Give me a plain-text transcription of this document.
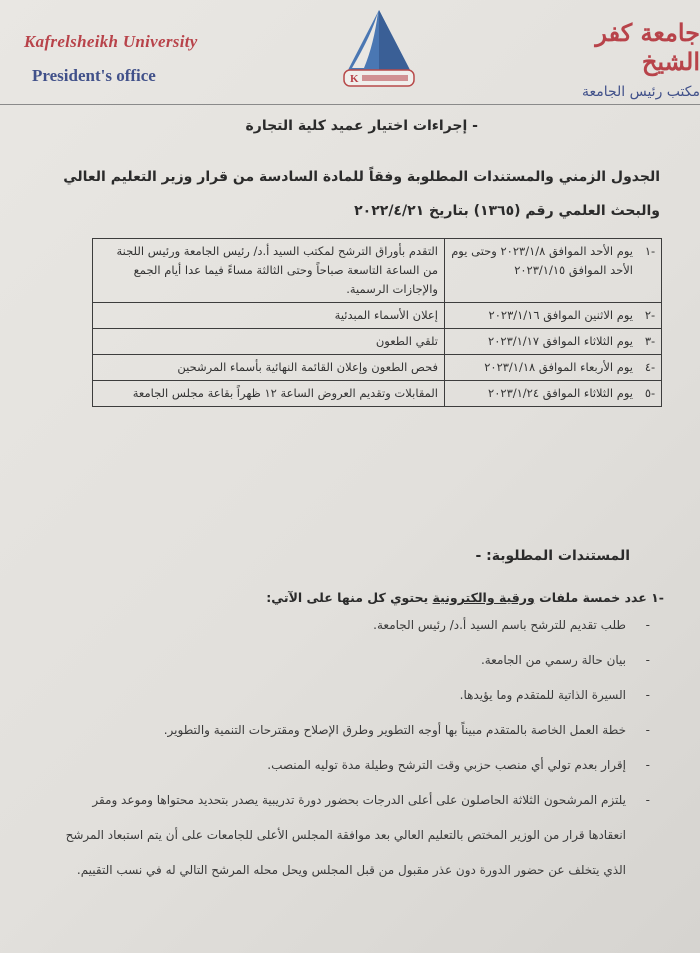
Kafrelsheikh University
President's office	K
جامعة كفر الشيخ
مكتب رئيس الجامعة
- إجراءات اختيار عميد كلية التجارة
الجدول الزمني والمستندات المطلوبة وفقاً للمادة السادسة من قرار وزير التعليم العالي والبحث العلمي رقم (١٣٦٥) بتاريخ ٢٠٢٢/٤/٢١
-١	يوم الأحد الموافق ٢٠٢٣/١/٨ وحتى يوم الأحد الموافق ٢٠٢٣/١/١٥	التقدم بأوراق الترشح لمكتب السيد أ.د/ رئيس الجامعة ورئيس اللجنة من الساعة التاسعة صباحاً وحتى الثالثة مساءً فيما عدا أيام الجمع والإجازات الرسمية.
-٢	يوم الاثنين الموافق ٢٠٢٣/١/١٦	إعلان الأسماء المبدئية
-٣	يوم الثلاثاء الموافق ٢٠٢٣/١/١٧	تلقي الطعون
-٤	يوم الأربعاء الموافق ٢٠٢٣/١/١٨	فحص الطعون وإعلان القائمة النهائية بأسماء المرشحين
-٥	يوم الثلاثاء الموافق ٢٠٢٣/١/٢٤	المقابلات وتقديم العروض الساعة ١٢ ظهراً بقاعة مجلس الجامعة
المستندات المطلوبة: -
-١ عدد خمسة ملفات ورقية والكترونية يحتوي كل منها على الآتي:
- طلب تقديم للترشح باسم السيد أ.د/ رئيس الجامعة.
- بيان حالة رسمي من الجامعة.
- السيرة الذاتية للمتقدم وما يؤيدها.
- خطة العمل الخاصة بالمتقدم مبيناً بها أوجه التطوير وطرق الإصلاح ومقترحات التنمية والتطوير.
- إقرار بعدم تولي أي منصب حزبي وقت الترشح وطيلة مدة توليه المنصب.
- يلتزم المرشحون الثلاثة الحاصلون على أعلى الدرجات بحضور دورة تدريبية يصدر بتحديد محتواها وموعد ومقر انعقادها قرار من الوزير المختص بالتعليم العالي بعد موافقة المجلس الأعلى للجامعات على أن يتم استبعاد المرشح الذي يتخلف عن حضور الدورة دون عذر مقبول من قبل المجلس ويحل محله المرشح التالي له في نسب التقييم.
